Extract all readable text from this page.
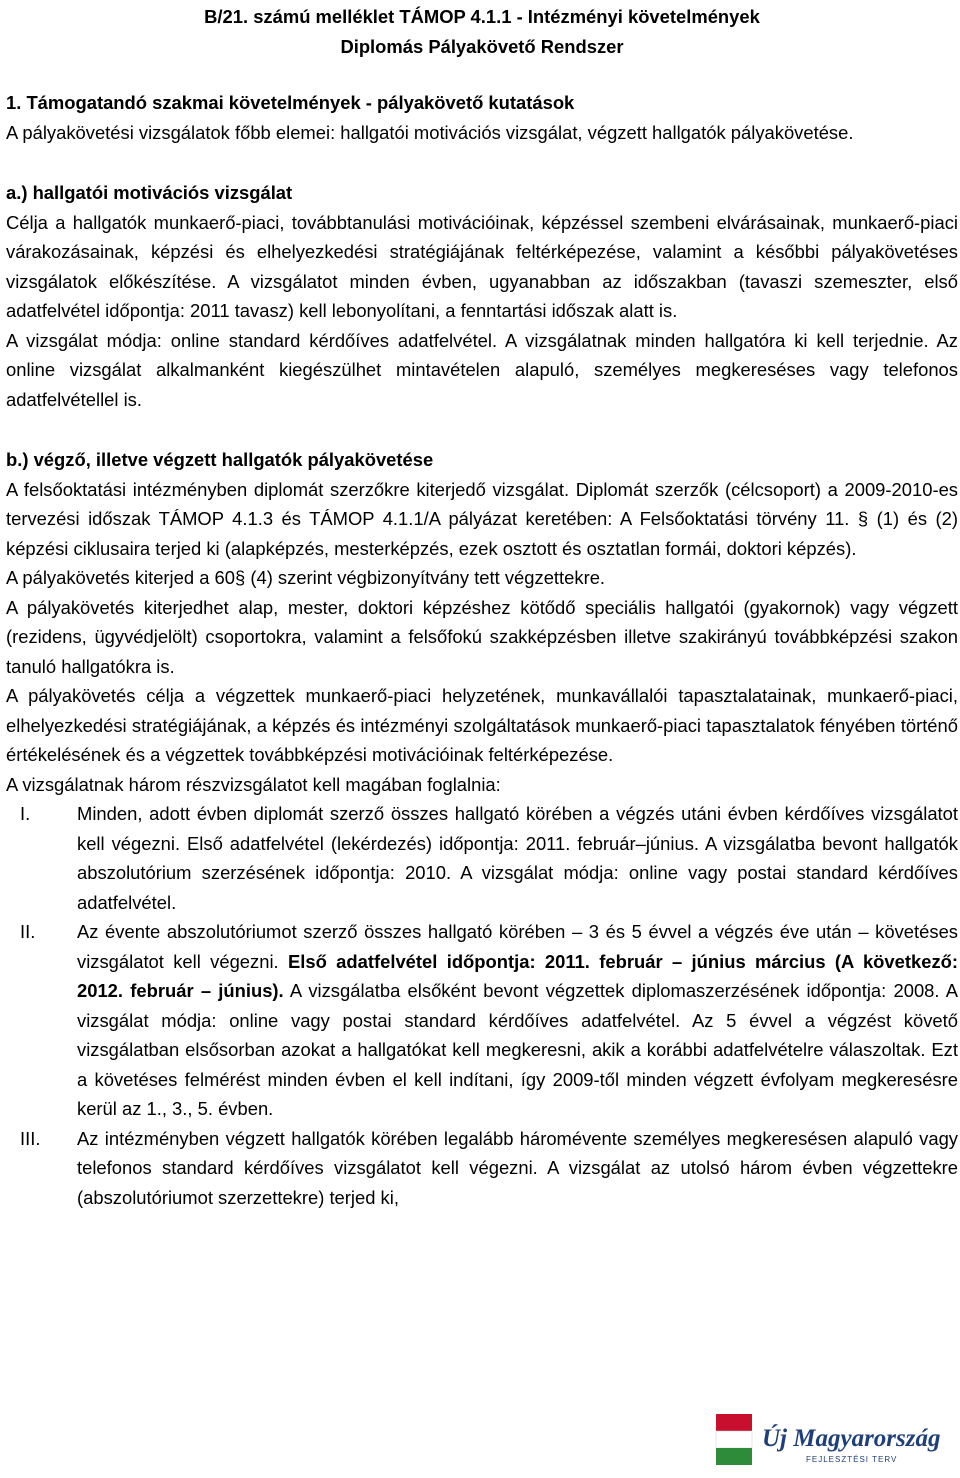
B/21. számú melléklet TÁMOP 4.1.1 - Intézményi követelmények
Diplomás Pályakövető Rendszer

1. Támogatandó szakmai követelmények - pályakövető kutatások

A pályakövetési vizsgálatok főbb elemei: hallgatói motivációs vizsgálat, végzett hallgatók pályakövetése.

a.) hallgatói motivációs vizsgálat

Célja a hallgatók munkaerő-piaci, továbbtanulási motivációinak, képzéssel szembeni elvárásainak, munkaerő-piaci várakozásainak, képzési és elhelyezkedési stratégiájának feltérképezése, valamint a későbbi pályakövetéses vizsgálatok előkészítése. A vizsgálatot minden évben, ugyanabban az időszakban (tavaszi szemeszter, első adatfelvétel időpontja: 2011 tavasz) kell lebonyolítani, a fenntartási időszak alatt is.

A vizsgálat módja: online standard kérdőíves adatfelvétel. A vizsgálatnak minden hallgatóra ki kell terjednie. Az online vizsgálat alkalmanként kiegészülhet mintavételen alapuló, személyes megkereséses vagy telefonos adatfelvétellel is.

b.) végző, illetve végzett hallgatók pályakövetése

A felsőoktatási intézményben diplomát szerzőkre kiterjedő vizsgálat. Diplomát szerzők (célcsoport) a 2009-2010-es tervezési időszak TÁMOP 4.1.3 és TÁMOP 4.1.1/A pályázat keretében: A Felsőoktatási törvény 11. § (1) és (2) képzési ciklusaira terjed ki (alapképzés, mesterképzés, ezek osztott és osztatlan formái, doktori képzés).

A pályakövetés kiterjed a 60§ (4) szerint végbizonyítvány tett végzettekre.

A pályakövetés kiterjedhet alap, mester, doktori képzéshez kötődő speciális hallgatói (gyakornok) vagy végzett (rezidens, ügyvédjelölt) csoportokra, valamint a felsőfokú szakképzésben illetve szakirányú továbbképzési szakon tanuló hallgatókra is.

A pályakövetés célja a végzettek munkaerő-piaci helyzetének, munkavállalói tapasztalatainak, munkaerő-piaci, elhelyezkedési stratégiájának, a képzés és intézményi szolgáltatások munkaerő-piaci tapasztalatok fényében történő értékelésének és a végzettek továbbképzési motivációinak feltérképezése.

A vizsgálatnak három részvizsgálatot kell magában foglalnia:

I.	Minden, adott évben diplomát szerző összes hallgató körében a végzés utáni évben kérdőíves vizsgálatot kell végezni. Első adatfelvétel (lekérdezés) időpontja: 2011. február–június. A vizsgálatba bevont hallgatók abszolutórium szerzésének időpontja: 2010. A vizsgálat módja: online vagy postai standard kérdőíves adatfelvétel.
II.	Az évente abszolutóriumot szerző összes hallgató körében – 3 és 5 évvel a végzés éve után – követéses vizsgálatot kell végezni. Első adatfelvétel időpontja: 2011. február – június március (A következő: 2012. február – június). A vizsgálatba elsőként bevont végzettek diplomaszerzésének időpontja: 2008. A vizsgálat módja: online vagy postai standard kérdőíves adatfelvétel. Az 5 évvel a végzést követő vizsgálatban elsősorban azokat a hallgatókat kell megkeresni, akik a korábbi adatfelvételre válaszoltak. Ezt a követéses felmérést minden évben el kell indítani, így 2009-től minden végzett évfolyam megkeresésre kerül az 1., 3., 5. évben.
III.	Az intézményben végzett hallgatók körében legalább háromévente személyes megkeresésen alapuló vagy telefonos standard kérdőíves vizsgálatot kell végezni. A vizsgálat az utolsó három évben végzettekre (abszolutóriumot szerzettekre) terjed ki,
Új Magyarország
FEJLESZTÉSI TERV
